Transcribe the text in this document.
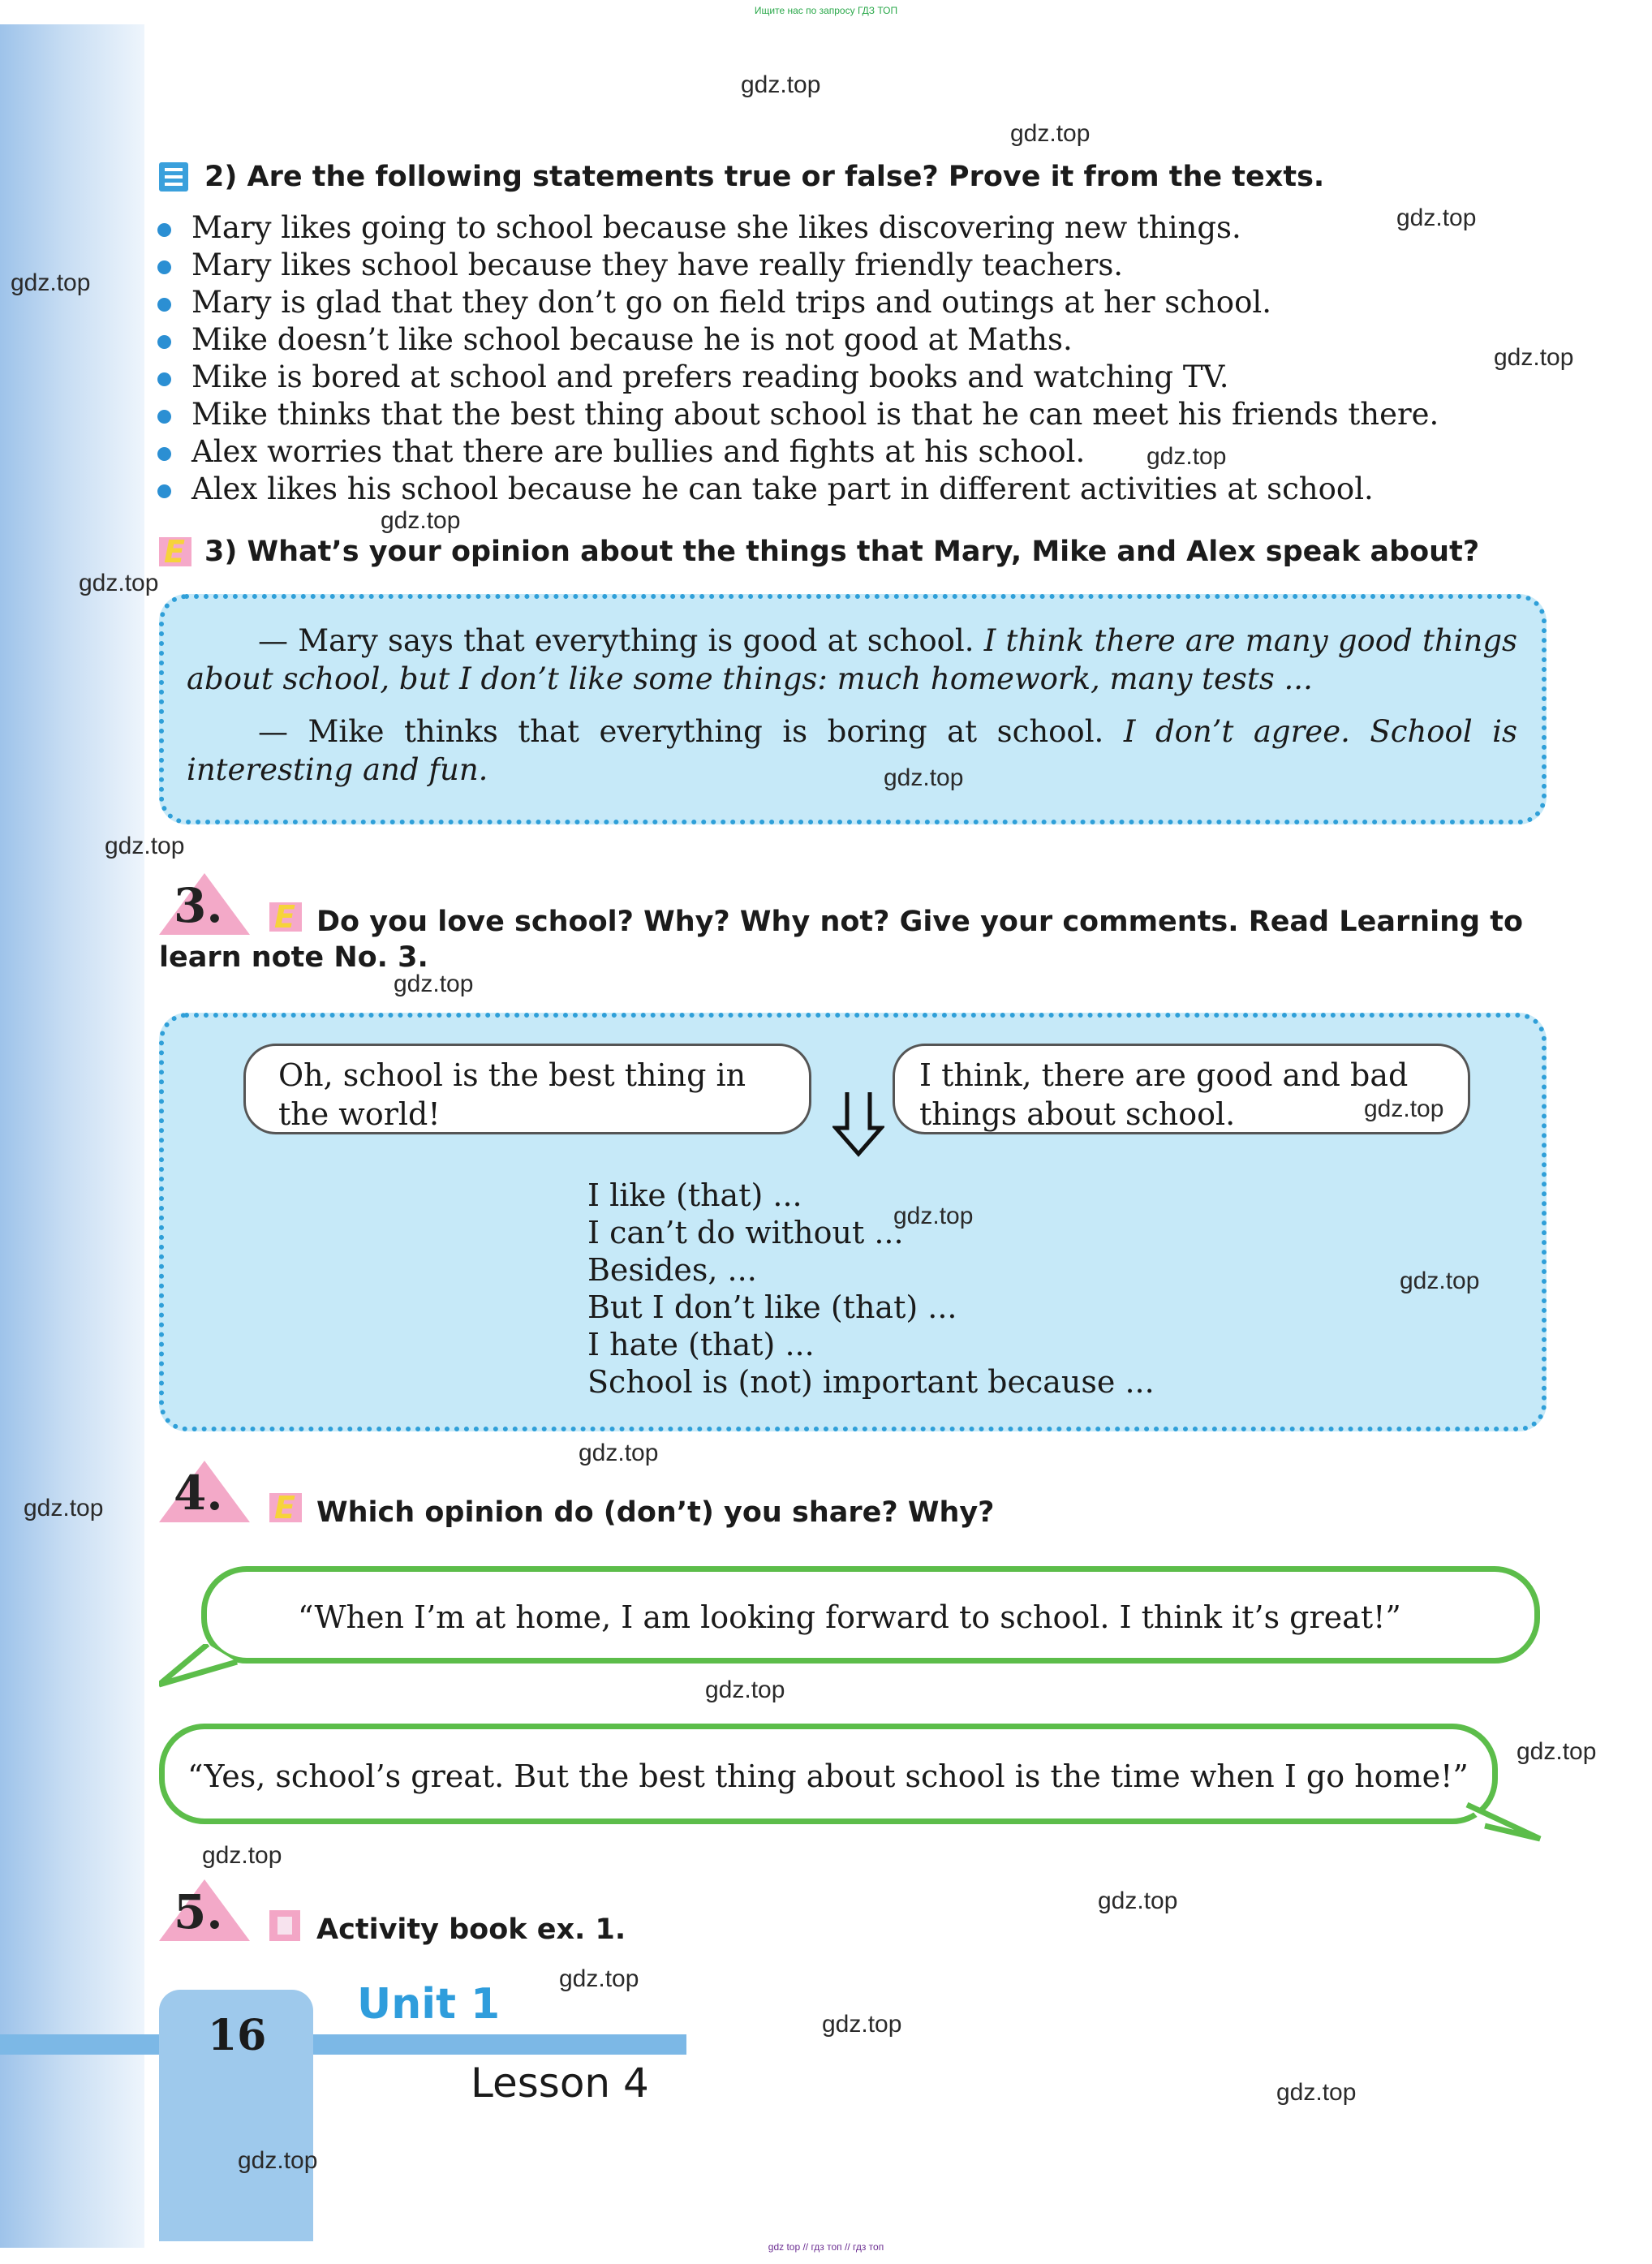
Ищите нас по запросу ГДЗ ТОП
2) Are the following statements true or false? Prove it from the texts.
Mary likes going to school because she likes discovering new things.
Mary likes school because they have really friendly teachers.
Mary is glad that they don’t go on field trips and outings at her school.
Mike doesn’t like school because he is not good at Maths.
Mike is bored at school and prefers reading books and watching TV.
Mike thinks that the best thing about school is that he can meet his friends there.
Alex worries that there are bullies and fights at his school.
Alex likes his school because he can take part in different activities at school.
E 3) What’s your opinion about the things that Mary, Mike and Alex speak about?
— Mary says that everything is good at school. I think there are many good things about school, but I don’t like some things: much homework, many tests ...
— Mike thinks that everything is boring at school. I don’t agree. School is interesting and fun.
3. E Do you love school? Why? Why not? Give your comments. Read Learning to
learn note No. 3.
Oh, school is the best thing in the world!
I think, there are good and bad things about school.
I like (that) ...
I can’t do without ...
Besides, ...
But I don’t like (that) ...
I hate (that) ...
School is (not) important because ...
4. E Which opinion do (don’t) you share? Why?
“When I’m at home, I am looking forward to school. I think it’s great!”
“Yes, school’s great. But the best thing about school is the time when I go home!”
5.	Activity book ex. 1.
16
Unit 1
Lesson 4
gdz top // гдз топ // гдз топ
gdz.top
gdz.top
gdz.top
gdz.top
gdz.top
gdz.top
gdz.top
gdz.top
gdz.top
gdz.top
gdz.top
gdz.top
gdz.top
gdz.top
gdz.top
gdz.top
gdz.top
gdz.top
gdz.top
gdz.top
gdz.top
gdz.top
gdz.top
gdz.top
